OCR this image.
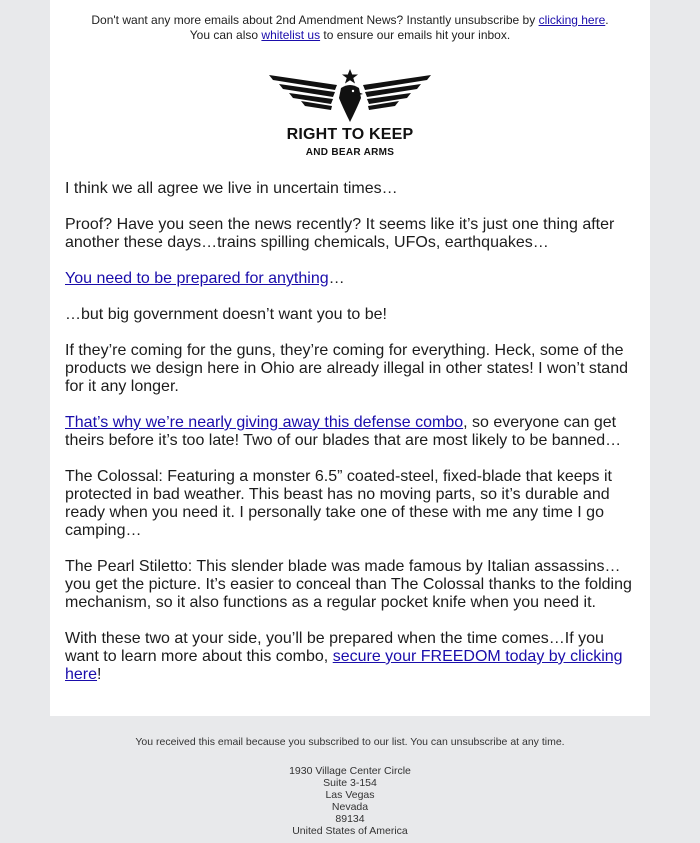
Don't want any more emails about 2nd Amendment News? Instantly unsubscribe by clicking here.
You can also whitelist us to ensure our emails hit your inbox.
RIGHT TO KEEP
AND BEAR ARMS

I think we all agree we live in uncertain times…

Proof? Have you seen the news recently? It seems like it’s just one thing after another these days…trains spilling chemicals, UFOs, earthquakes…

You need to be prepared for anything…

…but big government doesn’t want you to be!

If they’re coming for the guns, they’re coming for everything. Heck, some of the products we design here in Ohio are already illegal in other states! I won’t stand for it any longer.

That’s why we’re nearly giving away this defense combo, so everyone can get theirs before it’s too late! Two of our blades that are most likely to be banned…

The Colossal: Featuring a monster 6.5” coated-steel, fixed-blade that keeps it protected in bad weather. This beast has no moving parts, so it’s durable and ready when you need it. I personally take one of these with me any time I go camping…

The Pearl Stiletto: This slender blade was made famous by Italian assassins… you get the picture. It’s easier to conceal than The Colossal thanks to the folding mechanism, so it also functions as a regular pocket knife when you need it.

With these two at your side, you’ll be prepared when the time comes…If you want to learn more about this combo, secure your FREEDOM today by clicking here!

You received this email because you subscribed to our list. You can unsubscribe at any time.
1930 Village Center Circle
Suite 3-154
Las Vegas
Nevada
89134
United States of America
